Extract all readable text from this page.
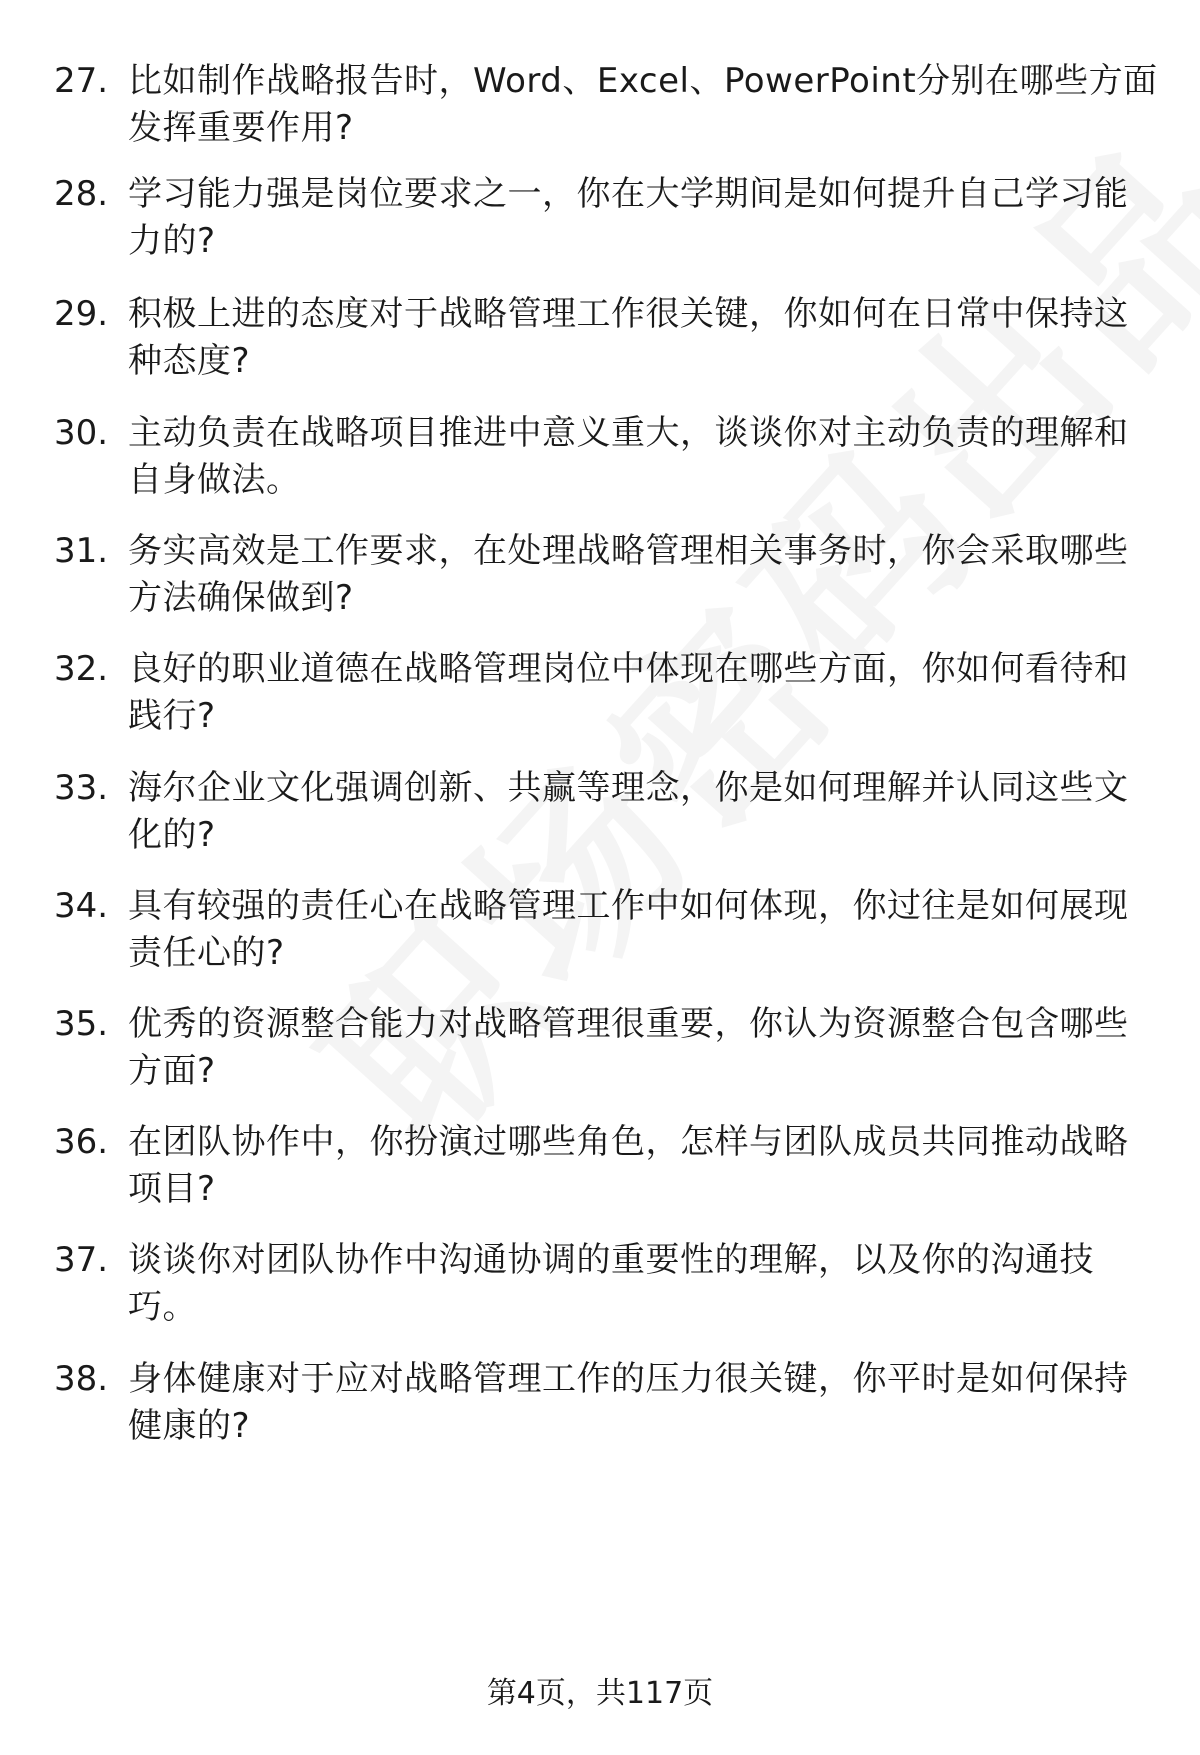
27. 比如制作战略报告时，Word、Excel、PowerPoint分别在哪些方面发挥重要作用?
28. 学习能力强是岗位要求之一，你在大学期间是如何提升自己学习能力的?
29. 积极上进的态度对于战略管理工作很关键，你如何在日常中保持这种态度?
30. 主动负责在战略项目推进中意义重大，谈谈你对主动负责的理解和自身做法。
31. 务实高效是工作要求，在处理战略管理相关事务时，你会采取哪些方法确保做到?
32. 良好的职业道德在战略管理岗位中体现在哪些方面，你如何看待和践行?
33. 海尔企业文化强调创新、共赢等理念，你是如何理解并认同这些文化的?
34. 具有较强的责任心在战略管理工作中如何体现，你过往是如何展现责任心的?
35. 优秀的资源整合能力对战略管理很重要，你认为资源整合包含哪些方面?
36. 在团队协作中，你扮演过哪些角色，怎样与团队成员共同推动战略项目?
37. 谈谈你对团队协作中沟通协调的重要性的理解，以及你的沟通技巧。
38. 身体健康对于应对战略管理工作的压力很关键，你平时是如何保持健康的?
第4页，共117页
